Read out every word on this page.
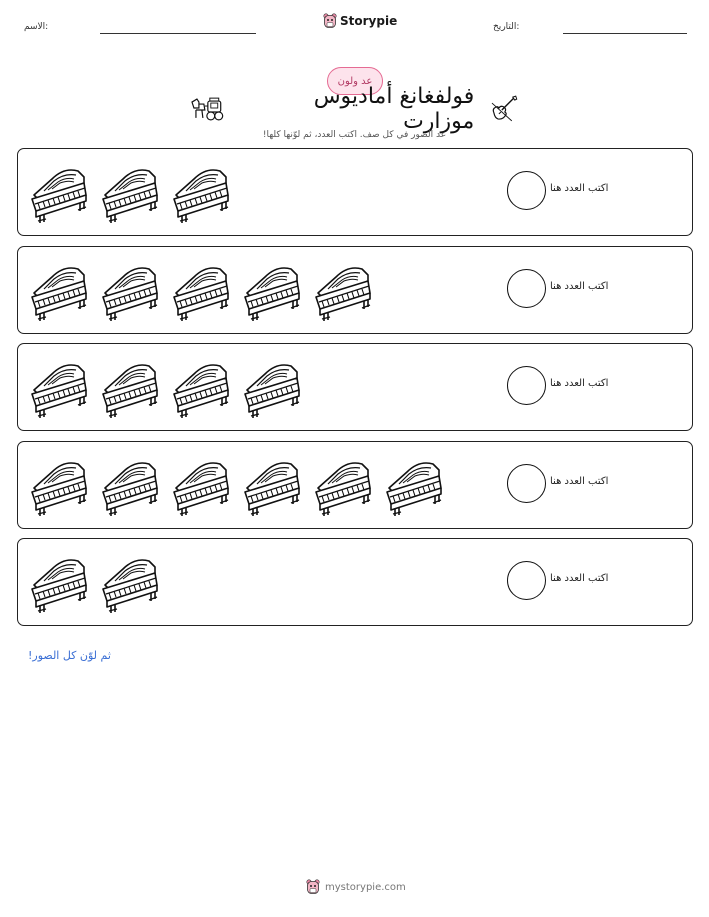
الاسم:	Storypie	التاريخ:
عد ولون
فولفغانغ أماديوس موزارت
عد الصور في كل صف. اكتب العدد، ثم لوّنها كلها!
اكتب العدد هنا
اكتب العدد هنا
اكتب العدد هنا
اكتب العدد هنا
اكتب العدد هنا
ثم لوّن كل الصور!
mystorypie.com
